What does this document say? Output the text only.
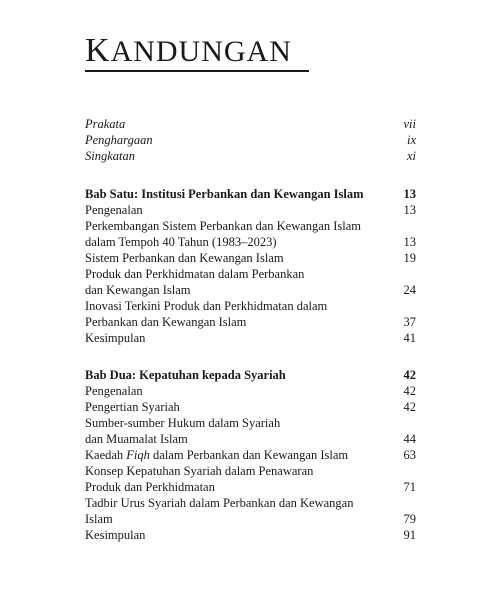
KANDUNGAN
Prakata	vii
Penghargaan	ix
Singkatan	xi
Bab Satu: Institusi Perbankan dan Kewangan Islam	13
Pengenalan	13
Perkembangan Sistem Perbankan dan Kewangan Islam
dalam Tempoh 40 Tahun (1983–2023)	13
Sistem Perbankan dan Kewangan Islam	19
Produk dan Perkhidmatan dalam Perbankan
dan Kewangan Islam	24
Inovasi Terkini Produk dan Perkhidmatan dalam
Perbankan dan Kewangan Islam	37
Kesimpulan	41
Bab Dua: Kepatuhan kepada Syariah	42
Pengenalan	42
Pengertian Syariah	42
Sumber-sumber Hukum dalam Syariah
dan Muamalat Islam	44
Kaedah Fiqh dalam Perbankan dan Kewangan Islam	63
Konsep Kepatuhan Syariah dalam Penawaran
Produk dan Perkhidmatan	71
Tadbir Urus Syariah dalam Perbankan dan Kewangan
Islam	79
Kesimpulan	91
